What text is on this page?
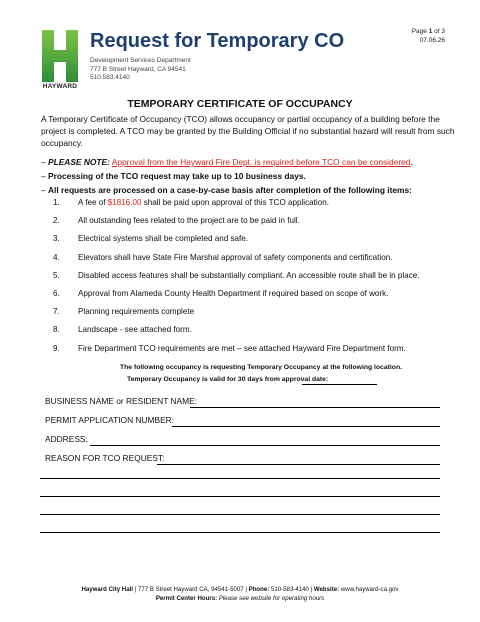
HAYWARD
Request for Temporary CO
Development Services Department
777 B Street Hayward, CA 94541
510.583.4140
Page 1 of 3
07.06.26
TEMPORARY CERTIFICATE OF OCCUPANCY
A Temporary Certificate of Occupancy (TCO) allows occupancy or partial occupancy of a building before the project is completed. A TCO may be granted by the Building Official if no substantial hazard will result from such occupancy.
– PLEASE NOTE: Approval from the Hayward Fire Dept. is required before TCO can be considered.
– Processing of the TCO request may take up to 10 business days.
– All requests are processed on a case-by-case basis after completion of the following items:
1.	A fee of $1816.00 shall be paid upon approval of this TCO application.
2.	All outstanding fees related to the project are to be paid in full.
3.	Electrical systems shall be completed and safe.
4.	Elevators shall have State Fire Marshal approval of safety components and certification.
5.	Disabled access features shall be substantially compliant. An accessible route shall be in place.
6.	Approval from Alameda County Health Department if required based on scope of work.
7.	Planning requirements complete
8.	Landscape - see attached form.
9.	Fire Department TCO requirements are met – see attached Hayward Fire Department form.
The following occupancy is requesting Temporary Occupancy at the following location.
Temporary Occupancy is valid for 30 days from approval date:
BUSINESS NAME or RESIDENT NAME:
PERMIT APPLICATION NUMBER:
ADDRESS:
REASON FOR TCO REQUEST:
Hayward City Hall | 777 B Street Hayward CA, 94541-5007 | Phone: 510-583-4140 | Website: www.hayward-ca.gov
Permit Center Hours: Please see website for operating hours
